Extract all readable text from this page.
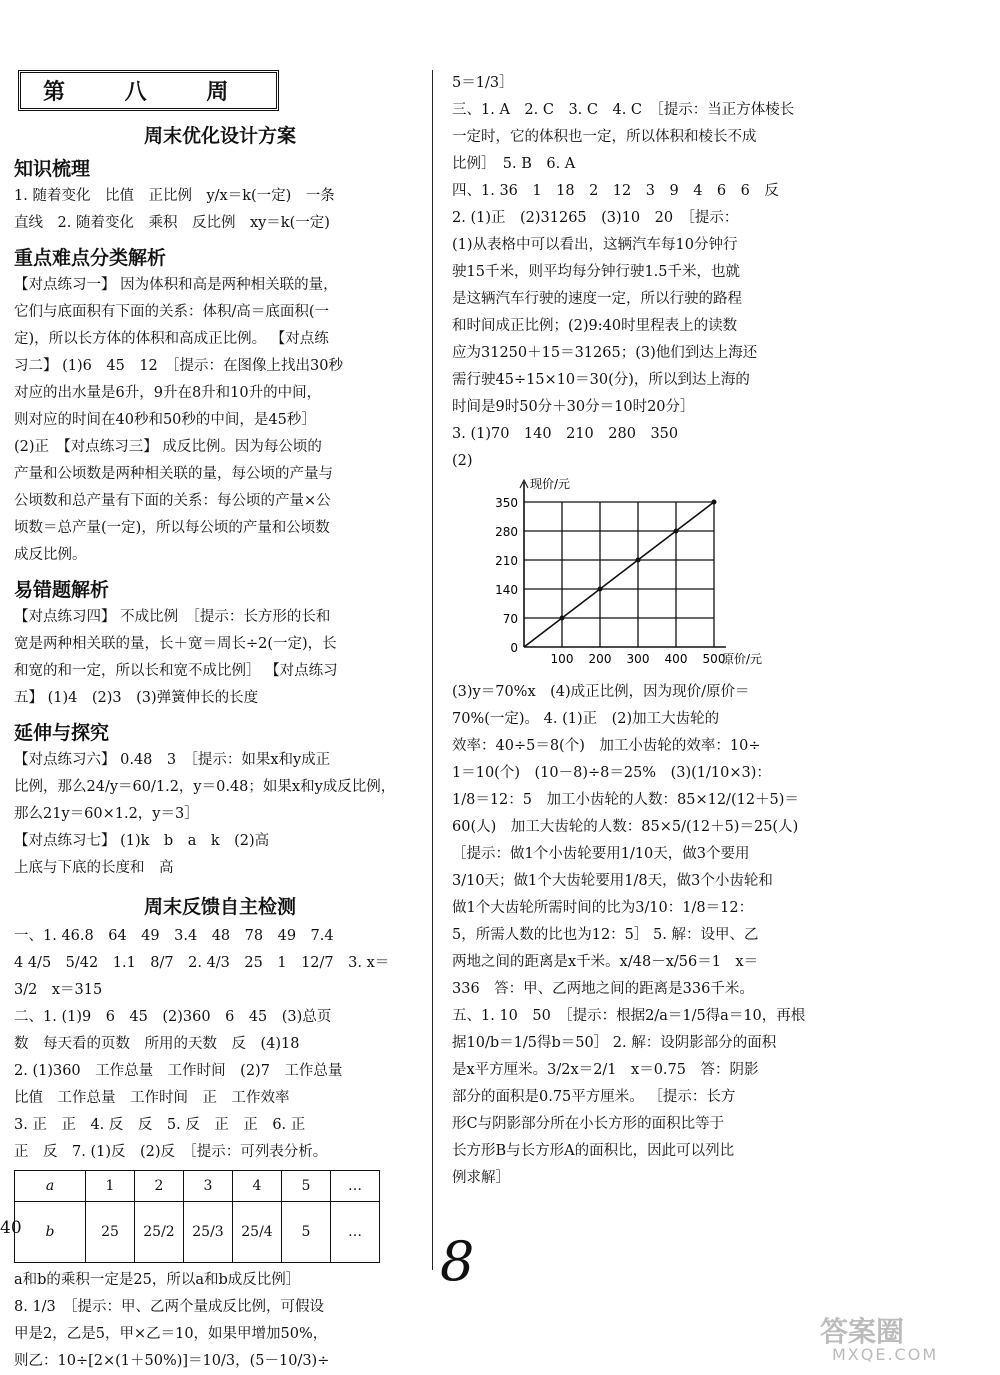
第 八 周
周末优化设计方案
知识梳理

1. 随着变化　比值　正比例　y/x＝k(一定)　一条

直线　2. 随着变化　乘积　反比例　xy＝k(一定)

重点难点分类解析

【对点练习一】 因为体积和高是两种相关联的量，

它们与底面积有下面的关系：体积/高＝底面积(一

定)，所以长方体的体积和高成正比例。 【对点练

习二】 (1)6　45　12　［提示：在图像上找出30秒

对应的出水量是6升，9升在8升和10升的中间，

则对应的时间在40秒和50秒的中间，是45秒］

(2)正　【对点练习三】 成反比例。因为每公顷的

产量和公顷数是两种相关联的量，每公顷的产量与

公顷数和总产量有下面的关系：每公顷的产量×公

顷数＝总产量(一定)，所以每公顷的产量和公顷数

成反比例。

易错题解析

【对点练习四】 不成比例　［提示：长方形的长和

宽是两种相关联的量，长＋宽＝周长÷2(一定)，长

和宽的和一定，所以长和宽不成比例］ 【对点练习

五】 (1)4　(2)3　(3)弹簧伸长的长度

延伸与探究

【对点练习六】 0.48　3　［提示：如果x和y成正

比例，那么24/y＝60/1.2，y＝0.48；如果x和y成反比例，

那么21y＝60×1.2，y＝3］

【对点练习七】 (1)k　b　a　k　(2)高

上底与下底的长度和　高

周末反馈自主检测

一、1. 46.8　64　49　3.4　48　78　49　7.4

4 4/5　5/42　1.1　8/7　2. 4/3　25　1　12/7　3. x＝

3/2　x＝315

二、1. (1)9　6　45　(2)360　6　45　(3)总页

数　每天看的页数　所用的天数　反　(4)18

2. (1)360　工作总量　工作时间　(2)7　工作总量

比值　工作总量　工作时间　正　工作效率

3. 正　正　4. 反　反　5. 反　正　正　6. 正

正　反　7. (1)反　(2)反　［提示：可列表分析。

a	1	2	3	4	5	…
b	25	25/2	25/3	25/4	5	…

a和b的乘积一定是25，所以a和b成反比例］

8. 1/3　［提示：甲、乙两个量成反比例，可假设

甲是2，乙是5，甲×乙＝10，如果甲增加50%，

则乙：10÷[2×(1＋50%)]＝10/3，(5－10/3)÷

5＝1/3］

三、1. A　2. C　3. C　4. C　［提示：当正方体棱长

一定时，它的体积也一定，所以体积和棱长不成

比例］　5. B　6. A

四、1. 36　1　18　2　12　3　9　4　6　6　反

2. (1)正　(2)31265　(3)10　20　［提示：

(1)从表格中可以看出，这辆汽车每10分钟行

驶15千米，则平均每分钟行驶1.5千米，也就

是这辆汽车行驶的速度一定，所以行驶的路程

和时间成正比例；(2)9:40时里程表上的读数

应为31250＋15＝31265；(3)他们到达上海还

需行驶45÷15×10＝30(分)，所以到达上海的

时间是9时50分＋30分＝10时20分］

3. (1)70　140　210　280　350

(2)

0
70
140
210
280
350
100 200 300 400 500
现价/元
原价/元

(3)y＝70%x　(4)成正比例，因为现价/原价＝

70%(一定)。 4. (1)正　(2)加工大齿轮的

效率：40÷5＝8(个)　加工小齿轮的效率：10÷

1＝10(个)　(10－8)÷8＝25%　(3)(1/10×3)：

1/8＝12：5　加工小齿轮的人数：85×12/(12＋5)＝

60(人)　加工大齿轮的人数：85×5/(12＋5)＝25(人)

［提示：做1个小齿轮要用1/10天，做3个要用

3/10天；做1个大齿轮要用1/8天，做3个小齿轮和

做1个大齿轮所需时间的比为3/10：1/8＝12：

5，所需人数的比也为12：5］ 5. 解：设甲、乙

两地之间的距离是x千米。x/48－x/56＝1　x＝

336　答：甲、乙两地之间的距离是336千米。

五、1. 10　50　［提示：根据2/a＝1/5得a＝10，再根

据10/b＝1/5得b＝50］ 2. 解：设阴影部分的面积

是x平方厘米。3/2x＝2/1　x＝0.75　答：阴影

部分的面积是0.75平方厘米。 ［提示：长方

形C与阴影部分所在小长方形的面积比等于

长方形B与长方形A的面积比，因此可以列比

例求解］

40
8
答案圈
MXQE.COM
